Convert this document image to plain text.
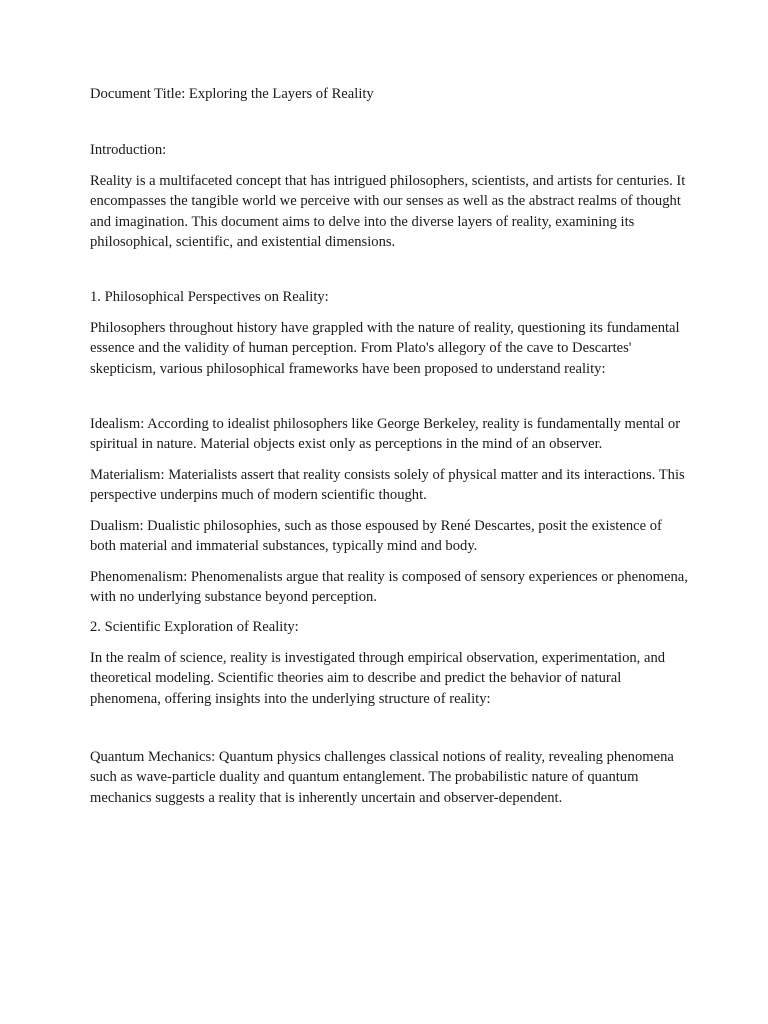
Document Title: Exploring the Layers of Reality

Introduction:

Reality is a multifaceted concept that has intrigued philosophers, scientists, and artists for centuries. It encompasses the tangible world we perceive with our senses as well as the abstract realms of thought and imagination. This document aims to delve into the diverse layers of reality, examining its philosophical, scientific, and existential dimensions.

1. Philosophical Perspectives on Reality:

Philosophers throughout history have grappled with the nature of reality, questioning its fundamental essence and the validity of human perception. From Plato's allegory of the cave to Descartes' skepticism, various philosophical frameworks have been proposed to understand reality:

Idealism: According to idealist philosophers like George Berkeley, reality is fundamentally mental or spiritual in nature. Material objects exist only as perceptions in the mind of an observer.

Materialism: Materialists assert that reality consists solely of physical matter and its interactions. This perspective underpins much of modern scientific thought.

Dualism: Dualistic philosophies, such as those espoused by René Descartes, posit the existence of both material and immaterial substances, typically mind and body.

Phenomenalism: Phenomenalists argue that reality is composed of sensory experiences or phenomena, with no underlying substance beyond perception.

2. Scientific Exploration of Reality:

In the realm of science, reality is investigated through empirical observation, experimentation, and theoretical modeling. Scientific theories aim to describe and predict the behavior of natural phenomena, offering insights into the underlying structure of reality:

Quantum Mechanics: Quantum physics challenges classical notions of reality, revealing phenomena such as wave-particle duality and quantum entanglement. The probabilistic nature of quantum mechanics suggests a reality that is inherently uncertain and observer-dependent.
